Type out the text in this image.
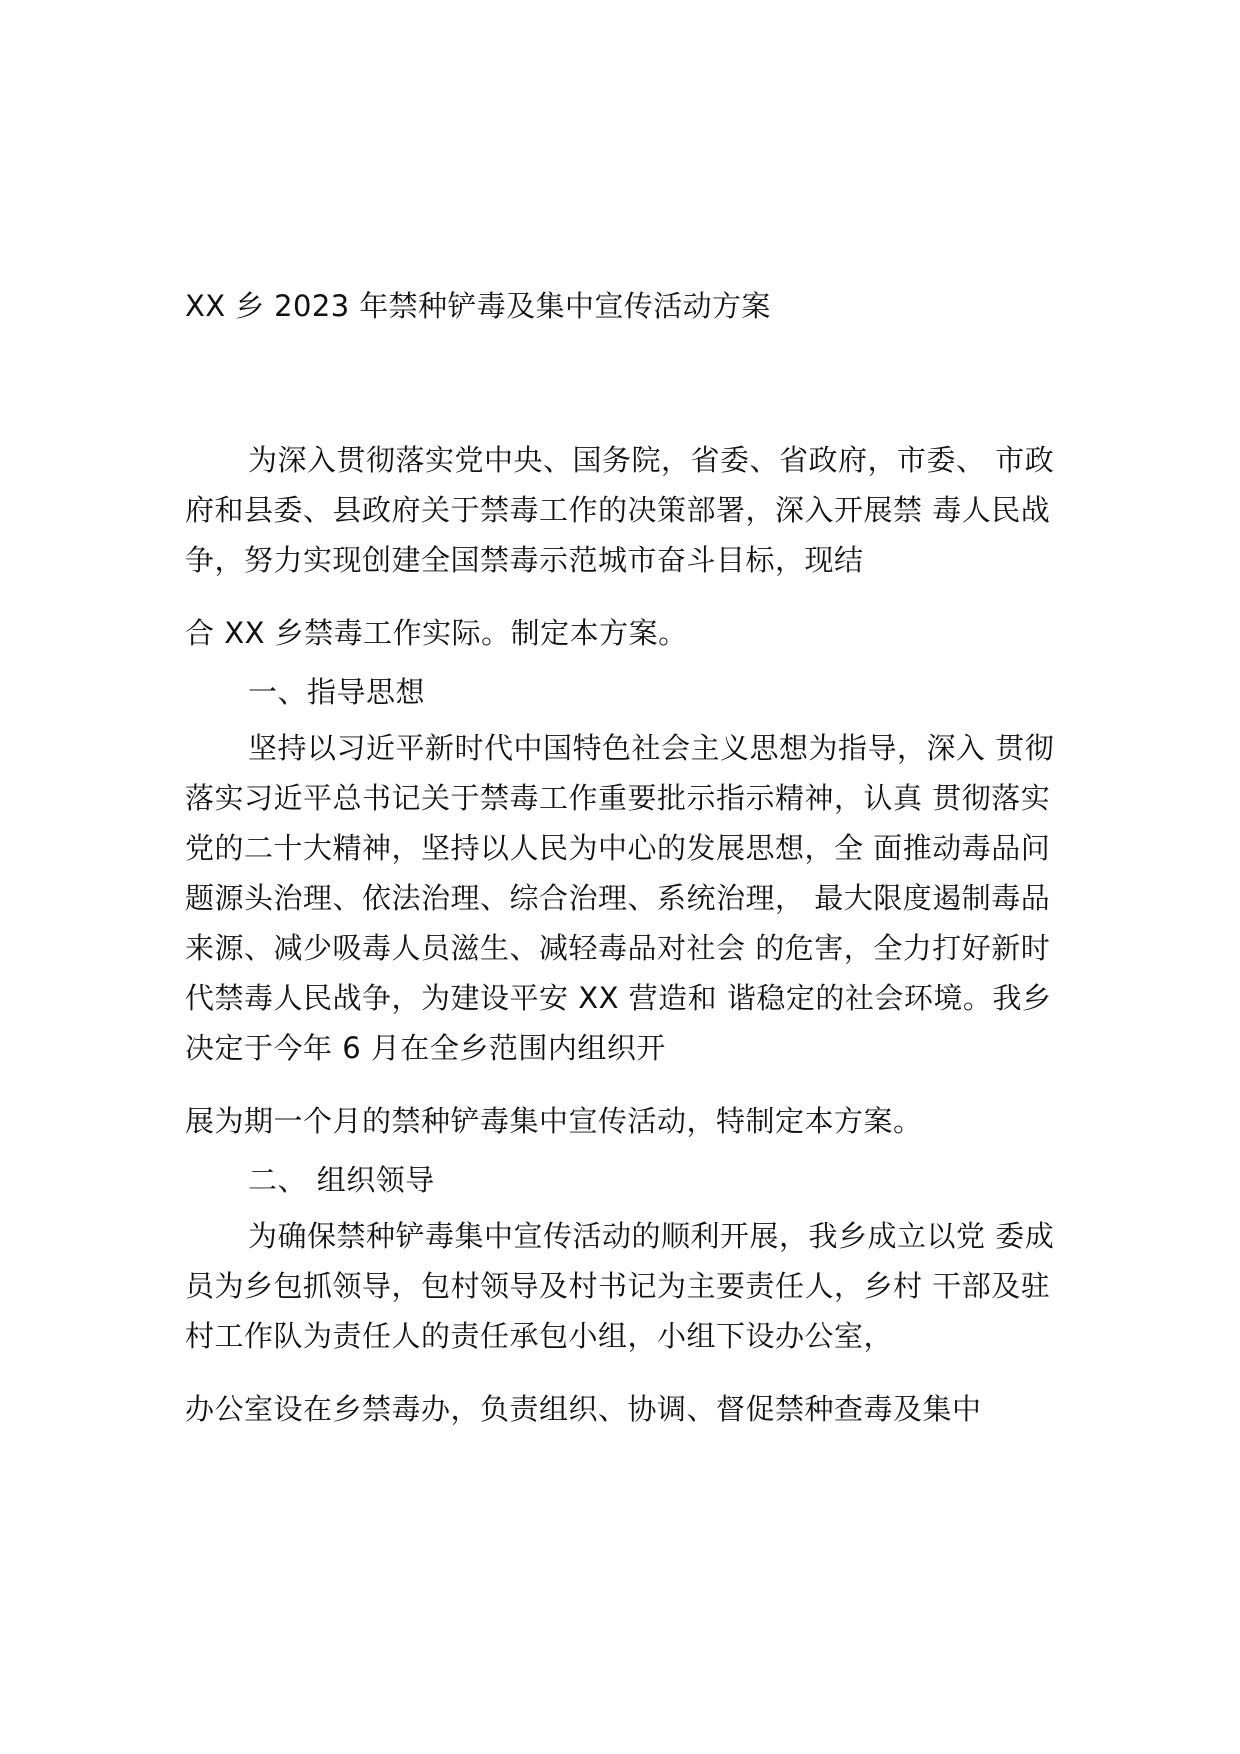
XX 乡 2023 年禁种铲毒及集中宣传活动方案
为深入贯彻落实党中央、国务院，省委、省政府，市委、 市政
府和县委、县政府关于禁毒工作的决策部署，深入开展禁 毒人民战
争，努力实现创建全国禁毒示范城市奋斗目标，现结
合 XX 乡禁毒工作实际。制定本方案。
一、指导思想
坚持以习近平新时代中国特色社会主义思想为指导，深入 贯彻
落实习近平总书记关于禁毒工作重要批示指示精神，认真 贯彻落实
党的二十大精神，坚持以人民为中心的发展思想，全 面推动毒品问
题源头治理、依法治理、综合治理、系统治理， 最大限度遏制毒品
来源、减少吸毒人员滋生、减轻毒品对社会 的危害，全力打好新时
代禁毒人民战争，为建设平安 XX 营造和 谐稳定的社会环境。我乡
决定于今年 6 月在全乡范围内组织开
展为期一个月的禁种铲毒集中宣传活动，特制定本方案。
二、 组织领导
为确保禁种铲毒集中宣传活动的顺利开展，我乡成立以党 委成
员为乡包抓领导，包村领导及村书记为主要责任人，乡村 干部及驻
村工作队为责任人的责任承包小组，小组下设办公室，
办公室设在乡禁毒办，负责组织、协调、督促禁种查毒及集中
